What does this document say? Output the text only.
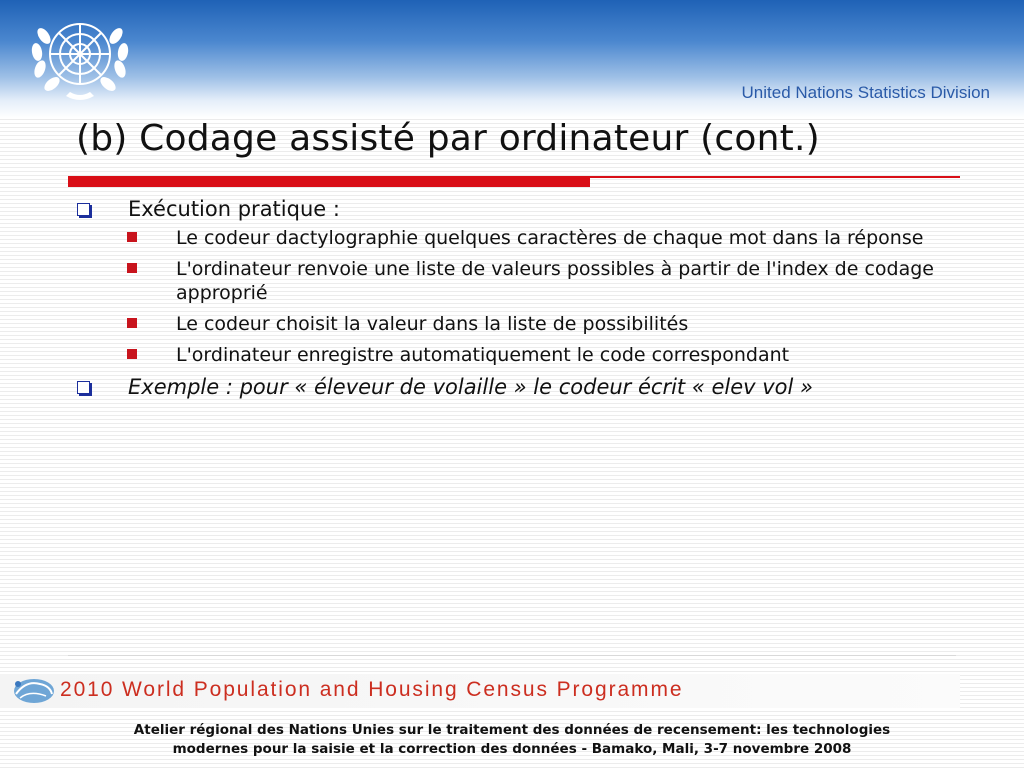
United Nations Statistics Division
(b) Codage assisté par ordinateur (cont.)
Exécution pratique :
Le codeur dactylographie quelques caractères de chaque mot dans la réponse
L'ordinateur renvoie une liste de valeurs possibles à partir de l'index de codage approprié
Le codeur choisit la valeur dans la liste de possibilités
L'ordinateur enregistre automatiquement le code correspondant
Exemple : pour « éleveur de volaille » le codeur écrit « elev vol »
2010 World Population and Housing Census Programme
Atelier régional des Nations Unies sur le traitement des données de recensement: les technologies
modernes pour la saisie et la correction des données - Bamako, Mali, 3-7 novembre 2008
